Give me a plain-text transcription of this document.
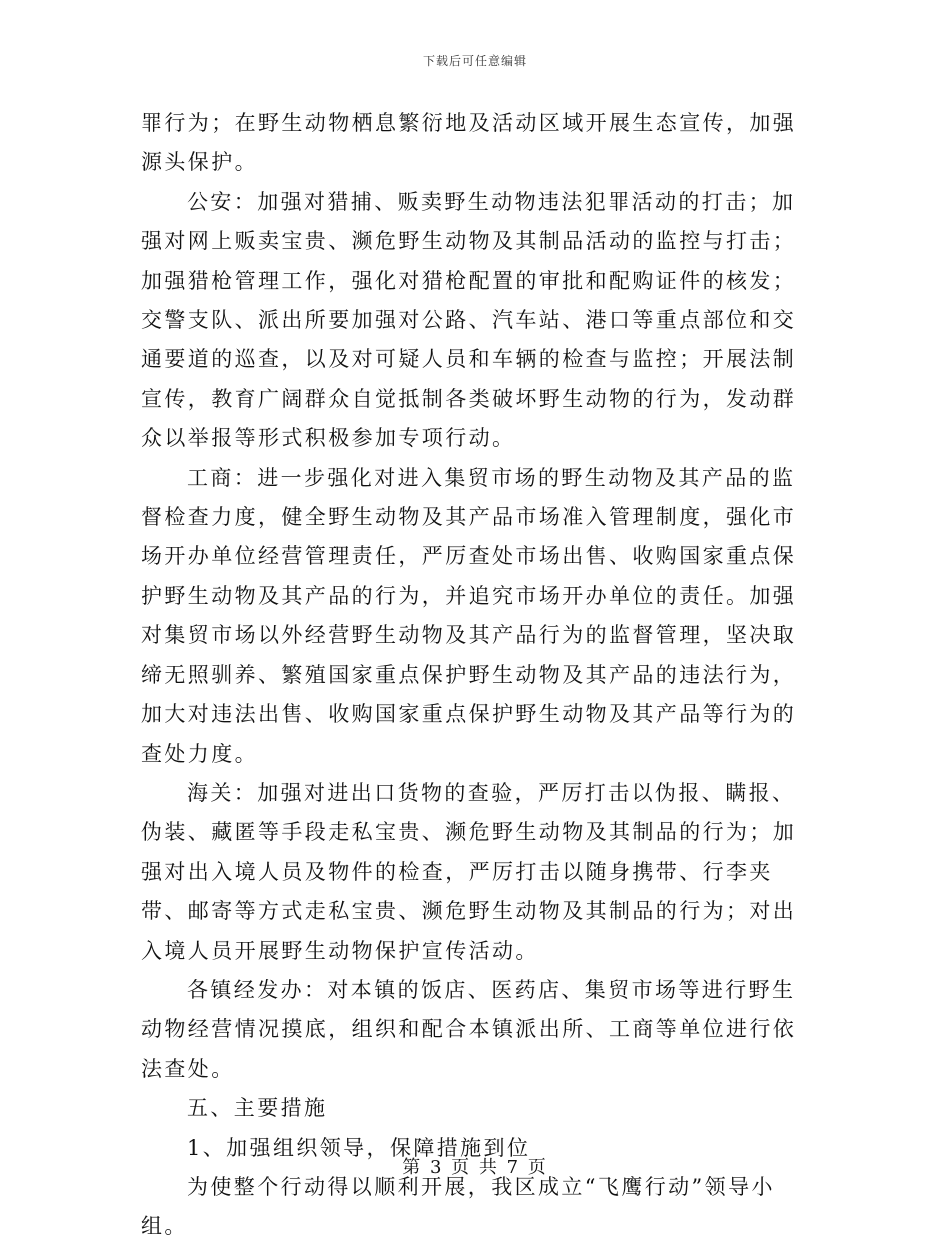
下载后可任意编辑

罪行为；在野生动物栖息繁衍地及活动区域开展生态宣传，加强源头保护。

公安：加强对猎捕、贩卖野生动物违法犯罪活动的打击；加强对网上贩卖宝贵、濒危野生动物及其制品活动的监控与打击；加强猎枪管理工作，强化对猎枪配置的审批和配购证件的核发；交警支队、派出所要加强对公路、汽车站、港口等重点部位和交通要道的巡查，以及对可疑人员和车辆的检查与监控；开展法制宣传，教育广阔群众自觉抵制各类破坏野生动物的行为，发动群众以举报等形式积极参加专项行动。

工商：进一步强化对进入集贸市场的野生动物及其产品的监督检查力度，健全野生动物及其产品市场准入管理制度，强化市场开办单位经营管理责任，严厉查处市场出售、收购国家重点保护野生动物及其产品的行为，并追究市场开办单位的责任。加强对集贸市场以外经营野生动物及其产品行为的监督管理，坚决取缔无照驯养、繁殖国家重点保护野生动物及其产品的违法行为，加大对违法出售、收购国家重点保护野生动物及其产品等行为的查处力度。

海关：加强对进出口货物的查验，严厉打击以伪报、瞒报、伪装、藏匿等手段走私宝贵、濒危野生动物及其制品的行为；加强对出入境人员及物件的检查，严厉打击以随身携带、行李夹带、邮寄等方式走私宝贵、濒危野生动物及其制品的行为；对出入境人员开展野生动物保护宣传活动。

各镇经发办：对本镇的饭店、医药店、集贸市场等进行野生动物经营情况摸底，组织和配合本镇派出所、工商等单位进行依法查处。

五、主要措施

1、加强组织领导，保障措施到位

为使整个行动得以顺利开展，我区成立“飞鹰行动”领导小组。

第 3 页 共 7 页
